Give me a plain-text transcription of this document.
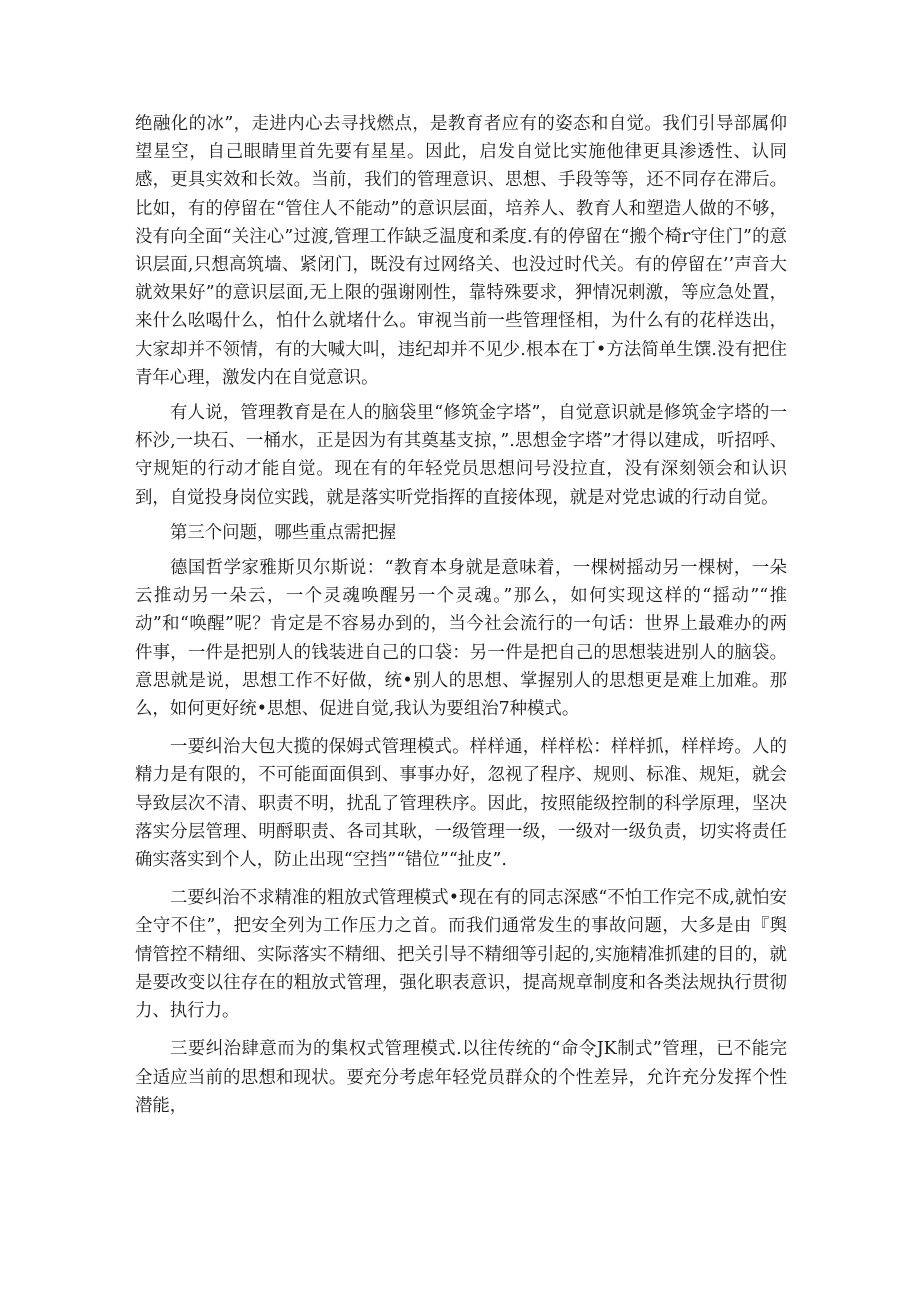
绝融化的冰”，走进内心去寻找燃点，是教育者应有的姿态和自觉。我们引导部属仰望星空，自己眼睛里首先要有星星。因此，启发自觉比实施他律更具渗透性、认同感，更具实效和长效。当前，我们的管理意识、思想、手段等等，还不同存在滞后。比如，有的停留在“管住人不能动”的意识层面，培养人、教育人和塑造人做的不够，没有向全面“关注心”过渡,管理工作缺乏温度和柔度.有的停留在“搬个椅r守住门”的意识层面,只想高筑墙、紧闭门，既没有过网络关、也没过时代关。有的停留在’’声音大就效果好”的意识层面,无上限的强谢刚性，靠特殊要求，狎情况刺激，等应急处置，来什么吆喝什么，怕什么就堵什么。审视当前一些管理怪相，为什么有的花样迭出，大家却并不领情，有的大喊大叫，违纪却并不见少.根本在丁•方法简单生馔.没有把住青年心理，激发内在自觉意识。

有人说，管理教育是在人的脑袋里“修筑金字塔”，自觉意识就是修筑金字塔的一杯沙,一块石、一桶水，正是因为有其奠基支掠，”.思想金字塔”才得以建成，听招呼、守规矩的行动才能自觉。现在有的年轻党员思想问号没拉直，没有深刻领会和认识到，自觉投身岗位实践，就是落实听党指挥的直接体现，就是对党忠诚的行动自觉。

第三个问题，哪些重点需把握

德国哲学家雅斯贝尔斯说：“教育本身就是意味着，一棵树摇动另一棵树，一朵云推动另一朵云，一个灵魂唤醒另一个灵魂。”那么，如何实现这样的“摇动”“推动”和“唤醒”呢？肯定是不容易办到的，当今社会流行的一句话：世界上最难办的两件事，一件是把别人的钱装进自己的口袋：另一件是把自己的思想装进别人的脑袋。意思就是说，思想工作不好做，统•别人的思想、掌握别人的思想更是难上加难。那么，如何更好统•思想、促进自觉,我认为要组治7种模式。

一要纠治大包大揽的保姆式管理模式。样样通，样样松：样样抓，样样垮。人的精力是有限的，不可能面面俱到、事事办好，忽视了程序、规则、标准、规矩，就会导致层次不清、职责不明，扰乱了管理秩序。因此，按照能级控制的科学原理，坚决落实分层管理、明酹职责、各司其耿，一级管理一级，一级对一级负责，切实将责任确实落实到个人，防止出现“空挡”“错位”“扯皮”.

二要纠治不求精准的粗放式管理模式•现在有的同志深感“不怕工作完不成,就怕安全守不住”，把安全列为工作压力之首。而我们通常发生的事故问题，大多是由『舆情管控不精细、实际落实不精细、把关引导不精细等引起的,实施精准抓建的目的，就是要改变以往存在的粗放式管理，强化职表意识，提高规章制度和各类法规执行贯彻力、执行力。

三要纠治肆意而为的集权式管理模式.以往传统的“命令JK制式”管理，已不能完全适应当前的思想和现状。要充分考虑年轻党员群众的个性差异，允许充分发挥个性潜能，
